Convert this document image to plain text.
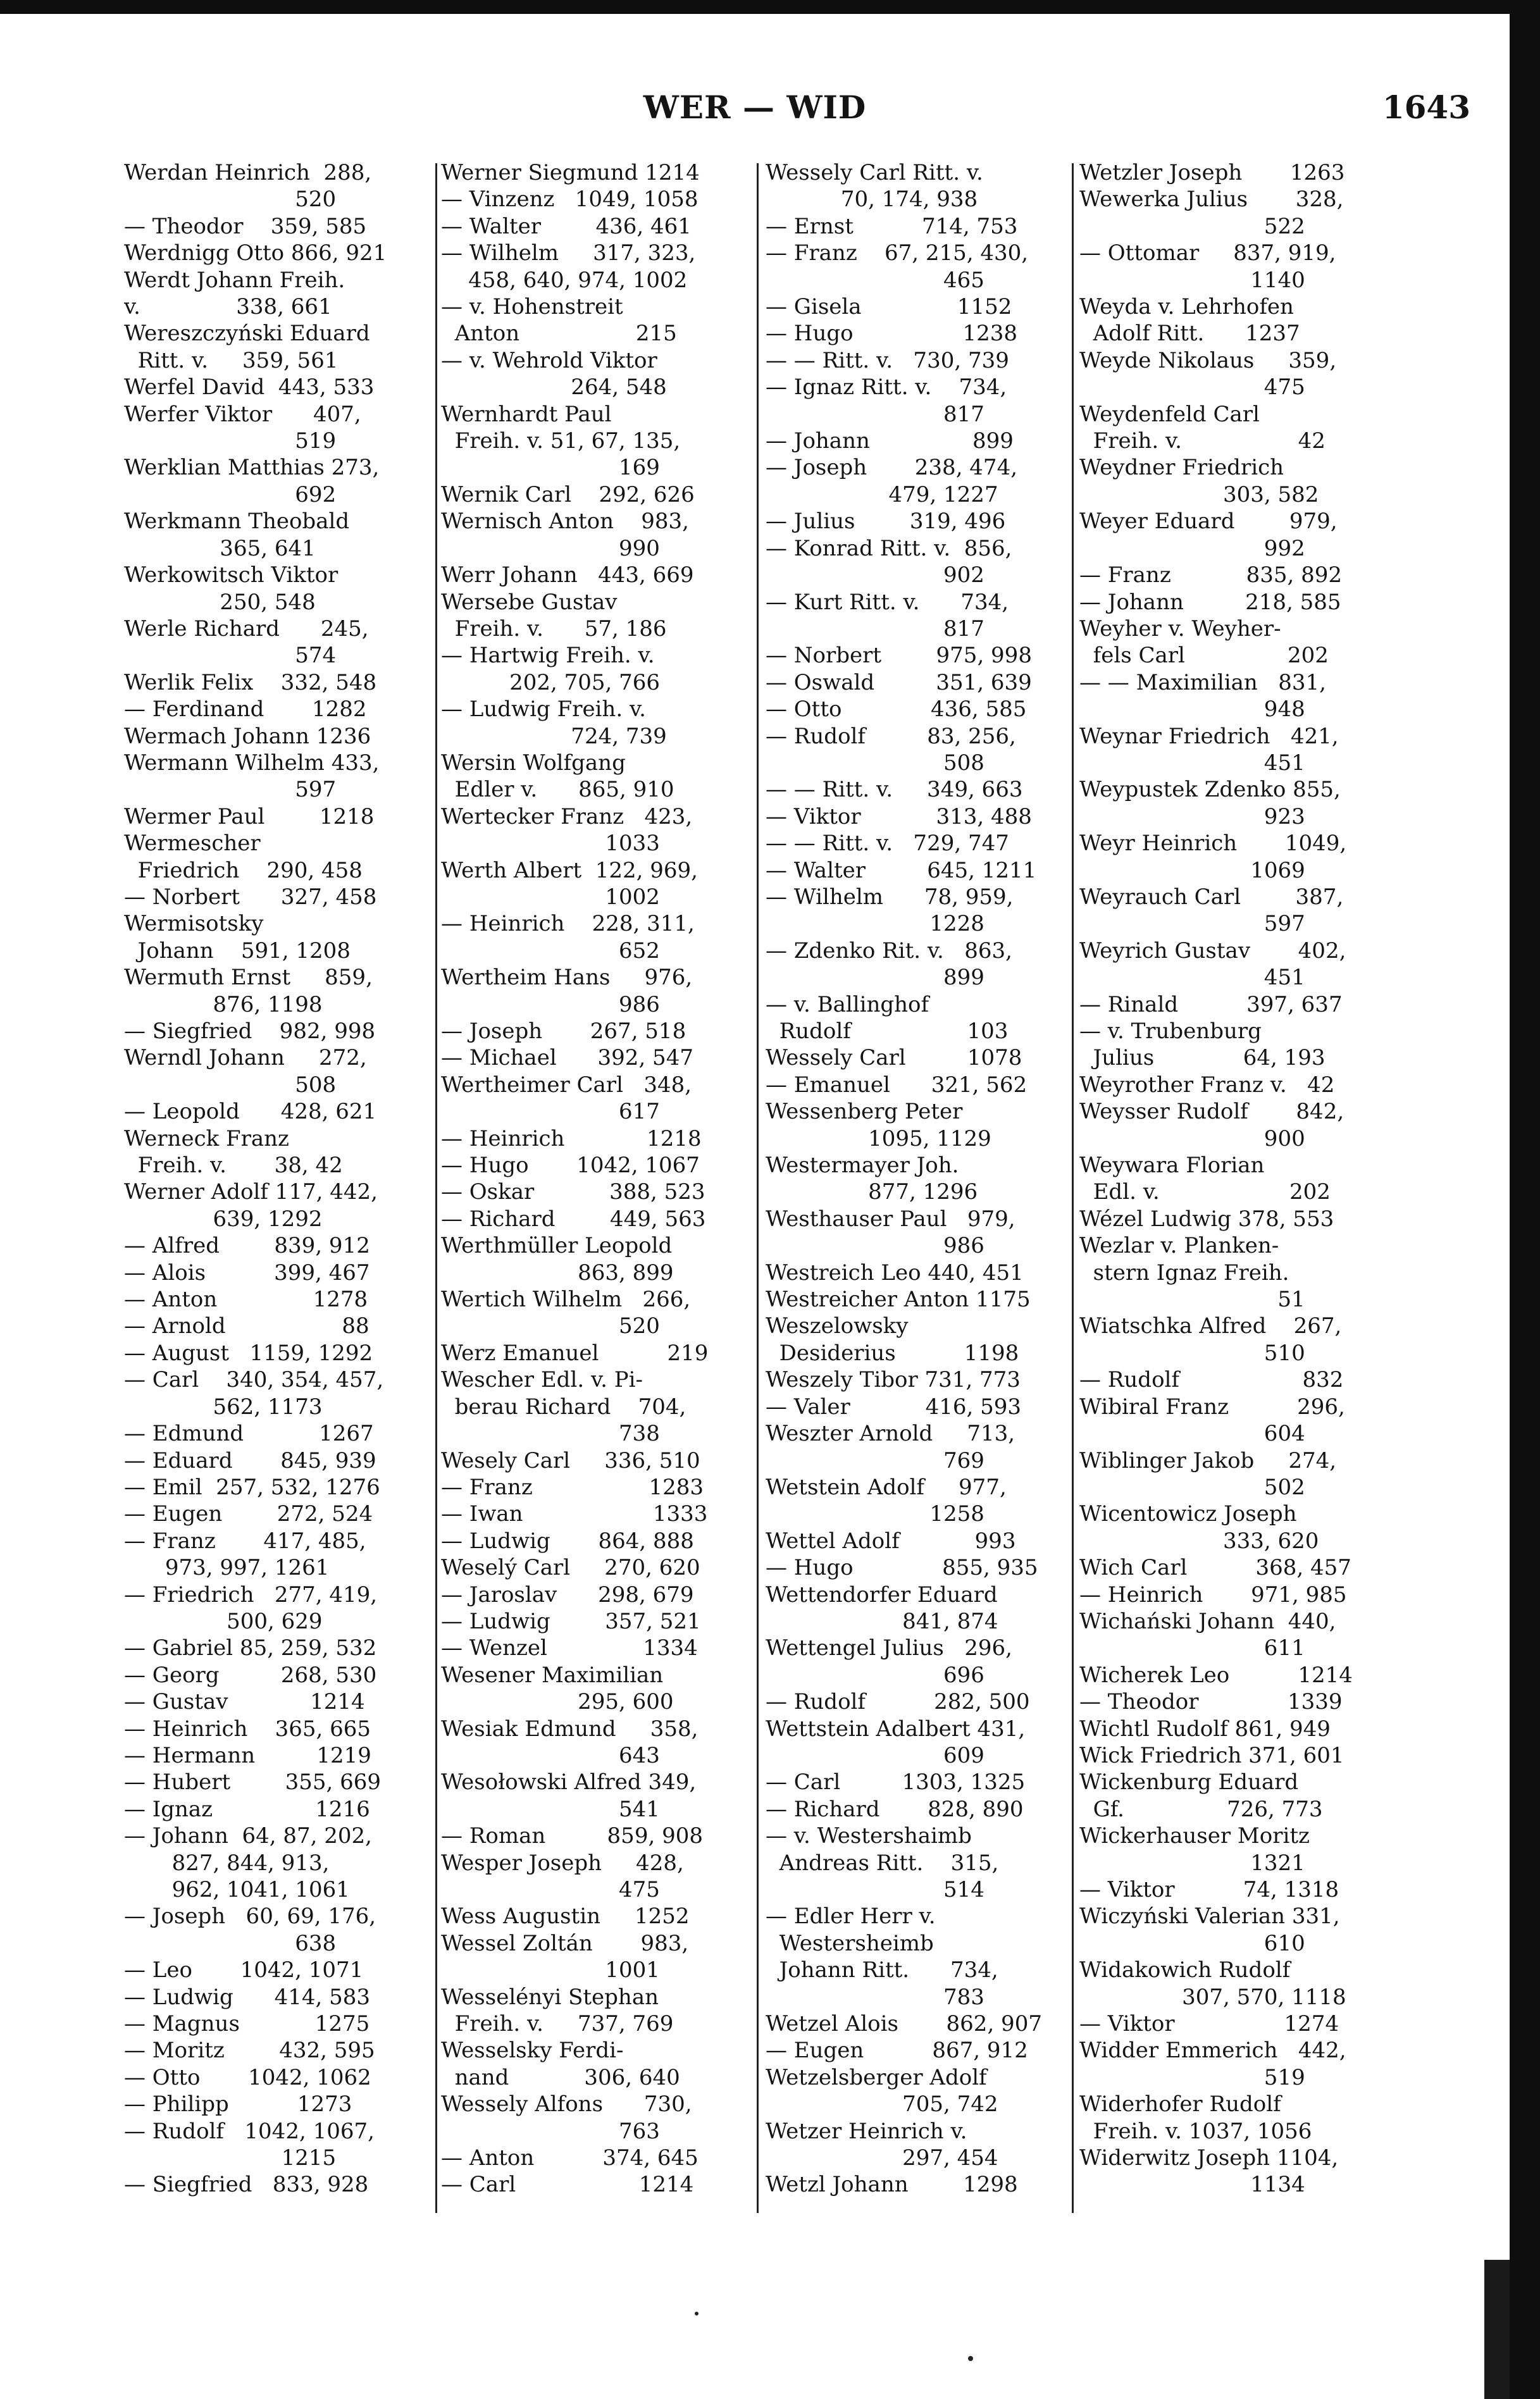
WER — WID	1643
Werdan Heinrich  288,
520
— Theodor    359, 585
Werdnigg Otto 866, 921
Werdt Johann Freih.
v.              338, 661
Wereszczyński Eduard
Ritt. v.     359, 561
Werfel David  443, 533
Werfer Viktor      407,
519
Werklian Matthias 273,
692
Werkmann Theobald
365, 641
Werkowitsch Viktor
250, 548
Werle Richard      245,
574
Werlik Felix    332, 548
— Ferdinand       1282
Wermach Johann 1236
Wermann Wilhelm 433,
597
Wermer Paul        1218
Wermescher
Friedrich    290, 458
— Norbert      327, 458
Wermisotsky
Johann    591, 1208
Wermuth Ernst     859,
876, 1198
— Siegfried    982, 998
Werndl Johann     272,
508
— Leopold      428, 621
Werneck Franz
Freih. v.       38, 42
Werner Adolf 117, 442,
639, 1292
— Alfred        839, 912
— Alois          399, 467
— Anton              1278
— Arnold                 88
— August   1159, 1292
— Carl    340, 354, 457,
562, 1173
— Edmund           1267
— Eduard       845, 939
— Emil  257, 532, 1276
— Eugen        272, 524
— Franz       417, 485,
973, 997, 1261
— Friedrich   277, 419,
500, 629
— Gabriel 85, 259, 532
— Georg         268, 530
— Gustav            1214
— Heinrich    365, 665
— Hermann         1219
— Hubert        355, 669
— Ignaz               1216
— Johann  64, 87, 202,
827, 844, 913,
962, 1041, 1061
— Joseph   60, 69, 176,
638
— Leo       1042, 1071
— Ludwig      414, 583
— Magnus           1275
— Moritz        432, 595
— Otto       1042, 1062
— Philipp          1273
— Rudolf   1042, 1067,
1215
— Siegfried   833, 928
Werner Siegmund 1214
— Vinzenz   1049, 1058
— Walter        436, 461
— Wilhelm     317, 323,
458, 640, 974, 1002
— v. Hohenstreit
Anton                 215
— v. Wehrold Viktor
264, 548
Wernhardt Paul
Freih. v. 51, 67, 135,
169
Wernik Carl    292, 626
Wernisch Anton    983,
990
Werr Johann   443, 669
Wersebe Gustav
Freih. v.      57, 186
— Hartwig Freih. v.
202, 705, 766
— Ludwig Freih. v.
724, 739
Wersin Wolfgang
Edler v.      865, 910
Wertecker Franz   423,
1033
Werth Albert  122, 969,
1002
— Heinrich    228, 311,
652
Wertheim Hans     976,
986
— Joseph       267, 518
— Michael      392, 547
Wertheimer Carl   348,
617
— Heinrich            1218
— Hugo       1042, 1067
— Oskar           388, 523
— Richard        449, 563
Werthmüller Leopold
863, 899
Wertich Wilhelm   266,
520
Werz Emanuel          219
Wescher Edl. v. Pi-
berau Richard    704,
738
Wesely Carl     336, 510
— Franz                 1283
— Iwan                   1333
— Ludwig       864, 888
Weselý Carl     270, 620
— Jaroslav      298, 679
— Ludwig        357, 521
— Wenzel              1334
Wesener Maximilian
295, 600
Wesiak Edmund     358,
643
Wesołowski Alfred 349,
541
— Roman         859, 908
Wesper Joseph     428,
475
Wess Augustin     1252
Wessel Zoltán       983,
1001
Wesselényi Stephan
Freih. v.     737, 769
Wesselsky Ferdi-
nand           306, 640
Wessely Alfons      730,
763
— Anton          374, 645
— Carl                  1214
Wessely Carl Ritt. v.
70, 174, 938
— Ernst          714, 753
— Franz    67, 215, 430,
465
— Gisela              1152
— Hugo                1238
— — Ritt. v.   730, 739
— Ignaz Ritt. v.    734,
817
— Johann               899
— Joseph       238, 474,
479, 1227
— Julius        319, 496
— Konrad Ritt. v.  856,
902
— Kurt Ritt. v.      734,
817
— Norbert        975, 998
— Oswald         351, 639
— Otto             436, 585
— Rudolf         83, 256,
508
— — Ritt. v.     349, 663
— Viktor           313, 488
— — Ritt. v.   729, 747
— Walter         645, 1211
— Wilhelm      78, 959,
1228
— Zdenko Rit. v.   863,
899
— v. Ballinghof
Rudolf                 103
Wessely Carl         1078
— Emanuel      321, 562
Wessenberg Peter
1095, 1129
Westermayer Joh.
877, 1296
Westhauser Paul   979,
986
Westreich Leo 440, 451
Westreicher Anton 1175
Weszelowsky
Desiderius          1198
Weszely Tibor 731, 773
— Valer           416, 593
Weszter Arnold     713,
769
Wetstein Adolf     977,
1258
Wettel Adolf           993
— Hugo             855, 935
Wettendorfer Eduard
841, 874
Wettengel Julius   296,
696
— Rudolf          282, 500
Wettstein Adalbert 431,
609
— Carl         1303, 1325
— Richard       828, 890
— v. Westershaimb
Andreas Ritt.    315,
514
— Edler Herr v.
Westersheimb
Johann Ritt.      734,
783
Wetzel Alois       862, 907
— Eugen          867, 912
Wetzelsberger Adolf
705, 742
Wetzer Heinrich v.
297, 454
Wetzl Johann        1298
Wetzler Joseph       1263
Wewerka Julius       328,
522
— Ottomar     837, 919,
1140
Weyda v. Lehrhofen
Adolf Ritt.      1237
Weyde Nikolaus     359,
475
Weydenfeld Carl
Freih. v.                 42
Weydner Friedrich
303, 582
Weyer Eduard        979,
992
— Franz           835, 892
— Johann         218, 585
Weyher v. Weyher-
fels Carl               202
— — Maximilian   831,
948
Weynar Friedrich   421,
451
Weypustek Zdenko 855,
923
Weyr Heinrich       1049,
1069
Weyrauch Carl        387,
597
Weyrich Gustav       402,
451
— Rinald          397, 637
— v. Trubenburg
Julius             64, 193
Weyrother Franz v.   42
Weysser Rudolf       842,
900
Weywara Florian
Edl. v.                   202
Wézel Ludwig 378, 553
Wezlar v. Planken-
stern Ignaz Freih.
51
Wiatschka Alfred    267,
510
— Rudolf                  832
Wibiral Franz          296,
604
Wiblinger Jakob     274,
502
Wicentowicz Joseph
333, 620
Wich Carl          368, 457
— Heinrich       971, 985
Wichański Johann  440,
611
Wicherek Leo          1214
— Theodor             1339
Wichtl Rudolf 861, 949
Wick Friedrich 371, 601
Wickenburg Eduard
Gf.               726, 773
Wickerhauser Moritz
1321
— Viktor          74, 1318
Wiczyński Valerian 331,
610
Widakowich Rudolf
307, 570, 1118
— Viktor                1274
Widder Emmerich   442,
519
Widerhofer Rudolf
Freih. v. 1037, 1056
Widerwitz Joseph 1104,
1134
